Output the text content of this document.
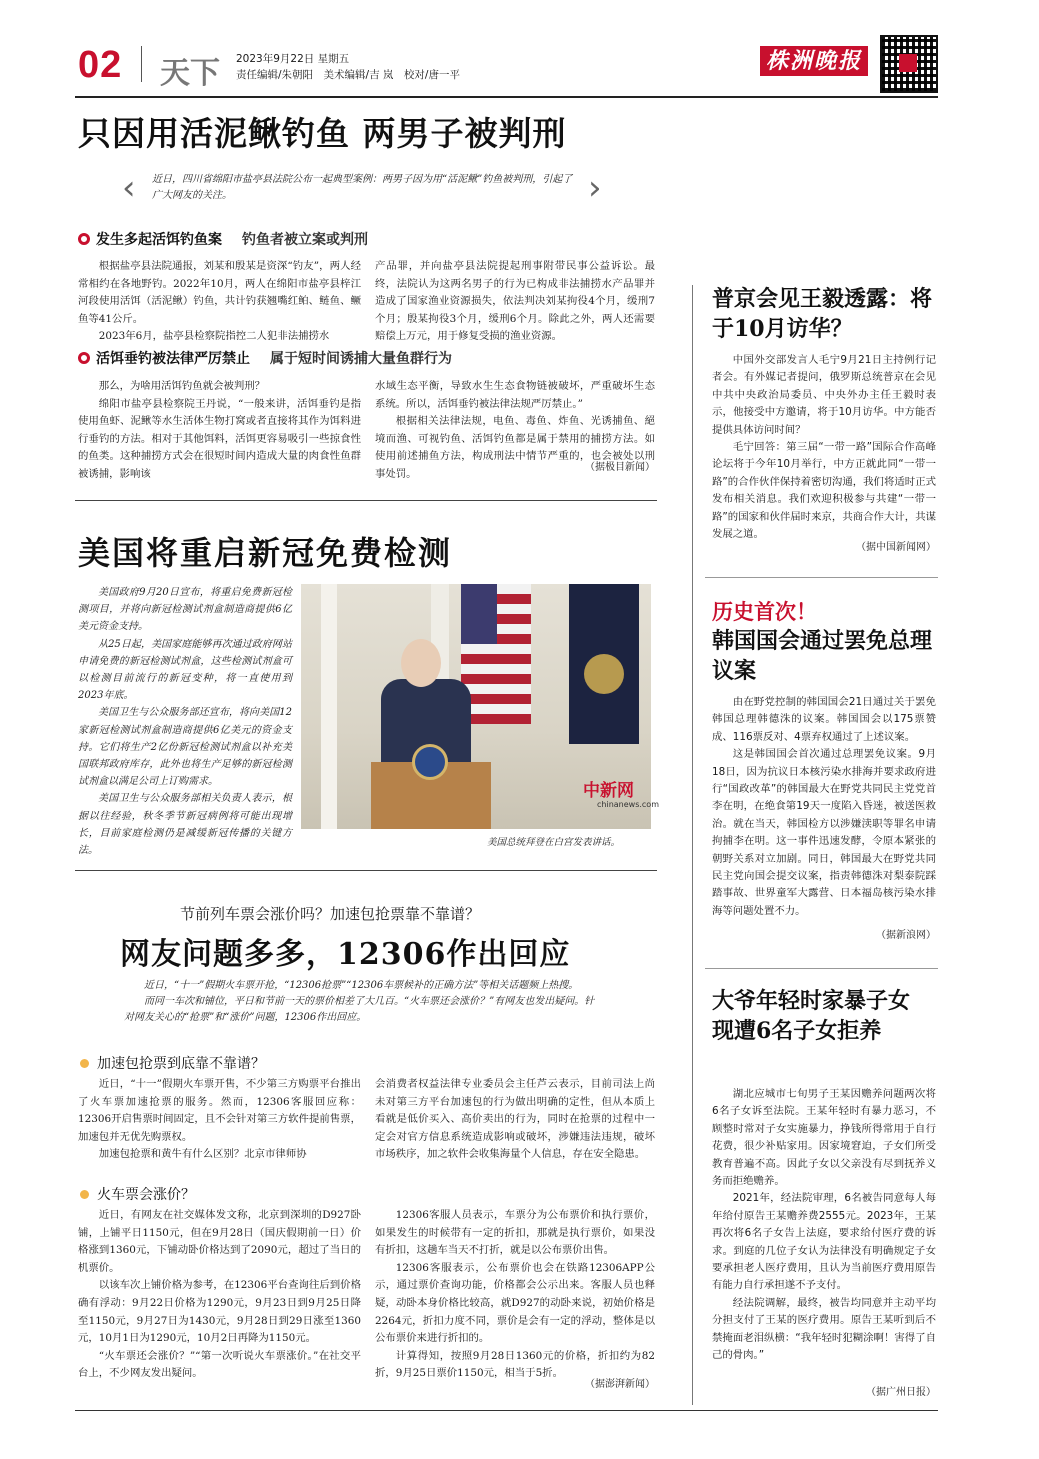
02 天下 2023年9月22日 星期五
责任编辑/朱朝阳　美术编辑/吉 岚　校对/唐一平
株洲晚报
只因用活泥鳅钓鱼 两男子被判刑
‹ 近日，四川省绵阳市盐亭县法院公布一起典型案例：两男子因为用“活泥鳅”钓鱼被判刑，引起了广大网友的关注。	›
发生多起活饵钓鱼案 钓鱼者被立案或判刑

根据盐亭县法院通报，刘某和殷某是资深“钓友”，两人经常相约在各地野钓。2022年10月，两人在绵阳市盐亭县梓江河段使用活饵（活泥鳅）钓鱼，共计钓获翘嘴红鲌、鲢鱼、鳜鱼等41公斤。

2023年6月，盐亭县检察院指控二人犯非法捕捞水

产品罪，并向盐亭县法院提起刑事附带民事公益诉讼。最终，法院认为这两名男子的行为已构成非法捕捞水产品罪并造成了国家渔业资源损失，依法判决刘某拘役4个月，缓刑7个月；殷某拘役3个月，缓刑6个月。除此之外，两人还需要赔偿上万元，用于修复受损的渔业资源。

活饵垂钓被法律严厉禁止 属于短时间诱捕大量鱼群行为

那么，为啥用活饵钓鱼就会被判刑？

绵阳市盐亭县检察院王丹说，“一般来讲，活饵垂钓是指使用鱼虾、泥鳅等水生活体生物打窝或者直接将其作为饵料进行垂钓的方法。相对于其他饵料，活饵更容易吸引一些掠食性的鱼类。这种捕捞方式会在很短时间内造成大量的肉食性鱼群被诱捕，影响该

水域生态平衡，导致水生生态食物链被破坏，严重破坏生态系统。所以，活饵垂钓被法律法规严厉禁止。”

根据相关法律法规，电鱼、毒鱼、炸鱼、光诱捕鱼、絕境而渔、可视钓鱼、活饵钓鱼都是属于禁用的捕捞方法。如使用前述捕鱼方法，构成刑法中情节严重的，也会被处以刑事处罚。

（据极目新闻）
美国将重启新冠免费检测

美国政府9月20日宣布，将重启免费新冠检测项目，并将向新冠检测试剂盒制造商提供6亿美元资金支持。

从25日起，美国家庭能够再次通过政府网站申请免费的新冠检测试剂盒，这些检测试剂盒可以检测目前流行的新冠变种，将一直使用到2023年底。

美国卫生与公众服务部还宣布，将向美国12家新冠检测试剂盒制造商提供6亿美元的资金支持。它们将生产2亿份新冠检测试剂盒以补充美国联邦政府库存，此外也将生产足够的新冠检测试剂盒以满足公司上订购需求。

美国卫生与公众服务部相关负责人表示，根据以往经验，秋冬季节新冠病例将可能出现增长，目前家庭检测仍是减缓新冠传播的关键方法。

中新网
chinanews.com
美国总统拜登在白宫发表讲话。
节前列车票会涨价吗？加速包抢票靠不靠谱？
网友问题多多，12306作出回应

近日，“十一”假期火车票开抢，“12306抢票”“12306车票候补的正确方法”等相关话题频上热搜。

而同一车次和铺位，平日和节前一天的票价相差了大几百。“火车票还会涨价？”有网友也发出疑问。针对网友关心的“抢票”和“涨价”问题，12306作出回应。

加速包抢票到底靠不靠谱？

近日，“十一”假期火车票开售，不少第三方购票平台推出了火车票加速抢票的服务。然而，12306客服回应称：12306开启售票时间固定，且不会针对第三方软件提前售票，加速包并无优先购票权。

加速包抢票和黄牛有什么区别？北京市律师协

会消费者权益法律专业委员会主任芦云表示，目前司法上尚未对第三方平台加速包的行为做出明确的定性，但从本质上看就是低价买入、高价卖出的行为，同时在抢票的过程中一定会对官方信息系统造成影响或破坏，涉嫌违法违规，破坏市场秩序，加之软件会收集海量个人信息，存在安全隐患。

火车票会涨价？

近日，有网友在社交媒体发文称，北京到深圳的D927卧铺，上铺平日1150元，但在9月28日（国庆假期前一日）价格涨到1360元，下铺动卧价格达到了2090元，超过了当日的机票价。

以该车次上铺价格为参考，在12306平台查询往后到价格确有浮动：9月22日价格为1290元，9月23日到9月25日降至1150元，9月27日为1430元，9月28日到29日涨至1360元，10月1日为1290元，10月2日再降为1150元。

“火车票还会涨价？”“第一次听说火车票涨价。”在社交平台上，不少网友发出疑问。

12306客服人员表示，车票分为公布票价和执行票价，如果发生的时候带有一定的折扣，那就是执行票价，如果没有折扣，这趟车当天不打折，就是以公布票价出售。

12306客服表示，公布票价也会在铁路12306APP公示，通过票价查询功能，价格都会公示出来。客服人员也释疑，动卧本身价格比较高，就D927的动卧来说，初始价格是2264元，折扣力度不同，票价是会有一定的浮动，整体是以公布票价来进行折扣的。

计算得知，按照9月28日1360元的价格，折扣约为82折，9月25日票价1150元，相当于5折。

（据澎湃新闻）
普京会见王毅透露：将于10月访华？

中国外交部发言人毛宁9月21日主持例行记者会。有外媒记者提问，俄罗斯总统普京在会见中共中央政治局委员、中央外办主任王毅时表示，他接受中方邀请，将于10月访华。中方能否提供具体访问时间？

毛宁回答：第三届“一带一路”国际合作高峰论坛将于今年10月举行，中方正就此同“一带一路”的合作伙伴保持着密切沟通，我们将适时正式发布相关消息。我们欢迎积极参与共建“一带一路”的国家和伙伴届时来京，共商合作大计，共谋发展之道。

（据中国新闻网）
历史首次！
韩国国会通过罢免总理议案

由在野党控制的韩国国会21日通过关于罢免韩国总理韩德洙的议案。韩国国会以175票赞成、116票反对、4票弃权通过了上述议案。

这是韩国国会首次通过总理罢免议案。9月18日，因为抗议日本核污染水排海并要求政府进行“国政改革”的韩国最大在野党共同民主党党首李在明，在绝食第19天一度陷入昏迷，被送医救治。就在当天，韩国检方以涉嫌渎职等罪名申请拘捕李在明。这一事件迅速发酵，令原本紧张的朝野关系对立加剧。同日，韩国最大在野党共同民主党向国会提交议案，指责韩德洙对梨泰院踩踏事故、世界童军大露营、日本福岛核污染水排海等问题处置不力。

（据新浪网）
大爷年轻时家暴子女现遭6名子女拒养

湖北应城市七旬男子王某因赡养问题两次将6名子女诉至法院。王某年轻时有暴力恶习，不顾整时常对子女实施暴力，挣钱所得常用于自行花费，很少补贴家用。因家境窘迫，子女们所受教育普遍不高。因此子女以父亲没有尽到抚养义务而拒绝赡养。

2021年，经法院审理，6名被告同意每人每年给付原告王某赡养费2555元。2023年，王某再次将6名子女告上法庭，要求给付医疗费的诉求。到庭的几位子女认为法律没有明确规定子女要承担老人医疗费用，且认为当前医疗费用原告有能力自行承担遂不予支付。

经法院调解，最终，被告均同意并主动平均分担支付了王某的医疗费用。原告王某听到后不禁掩面老泪纵横：“我年轻时犯糊涂啊！害得了自己的骨肉。”

（据广州日报）
